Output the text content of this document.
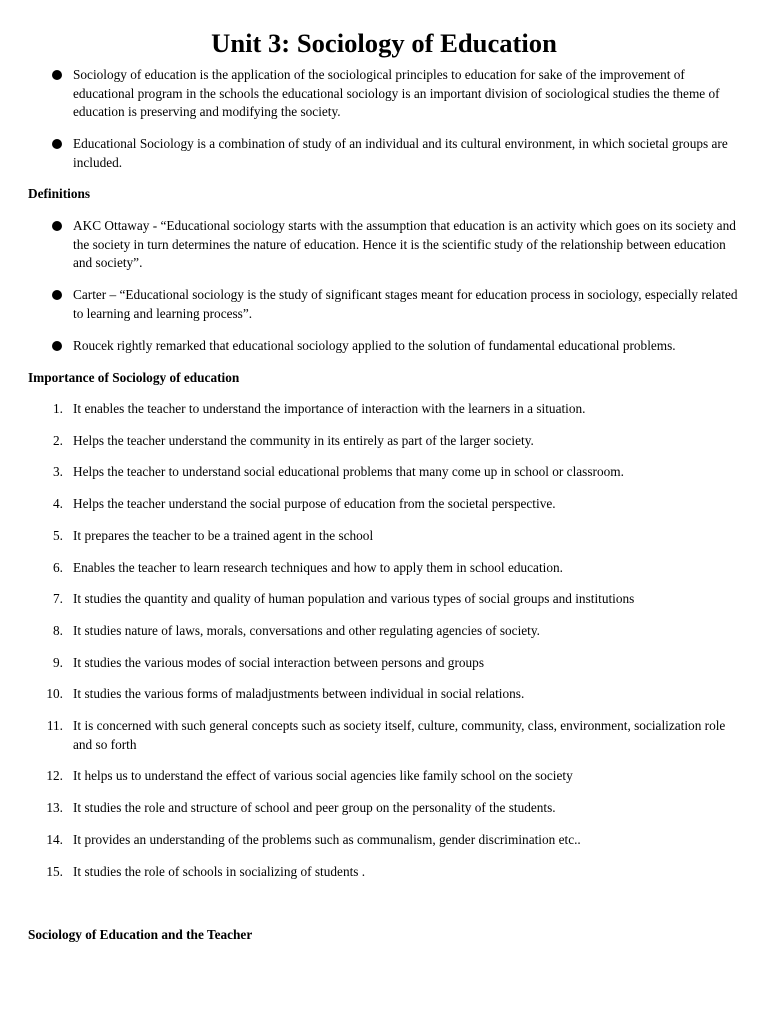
Unit 3: Sociology of Education
Sociology of education is the application of the sociological principles to education for sake of the improvement of educational program in the schools the educational sociology is an important division of sociological studies the theme of education is preserving and modifying the society.
Educational Sociology is a combination of study of an individual and its cultural environment, in which societal groups are included.
Definitions
AKC Ottaway - “Educational sociology starts with the assumption that education is an activity which goes on its society and the society in turn determines the nature of education. Hence it is the scientific study of the relationship between education and society”.
Carter – “Educational sociology is the study of significant stages meant for education process in sociology, especially related to learning and learning process”.
Roucek rightly remarked that educational sociology applied to the solution of fundamental educational problems.
Importance of Sociology of education
1. It enables the teacher to understand the importance of interaction with the learners in a situation.
2. Helps the teacher understand the community in its entirely as part of the larger society.
3. Helps the teacher to understand social educational problems that many come up in school or classroom.
4. Helps the teacher understand the social purpose of education from the societal perspective.
5. It prepares the teacher to be a trained agent in the school
6. Enables the teacher to learn research techniques and how to apply them in school education.
7. It studies the quantity and quality of human population and various types of social groups and institutions
8. It studies nature of laws, morals, conversations and other regulating agencies of society.
9. It studies the various modes of social interaction between persons and groups
10. It studies the various forms of maladjustments between individual in social relations.
11. It is concerned with such general concepts such as society itself, culture, community, class, environment, socialization role and so forth
12. It helps us to understand the effect of various social agencies like family school on the society
13. It studies the role and structure of school and peer group on the personality of the students.
14. It provides an understanding of the problems such as communalism, gender discrimination etc..
15. It studies the role of schools in socializing of students .
Sociology of Education and the Teacher
